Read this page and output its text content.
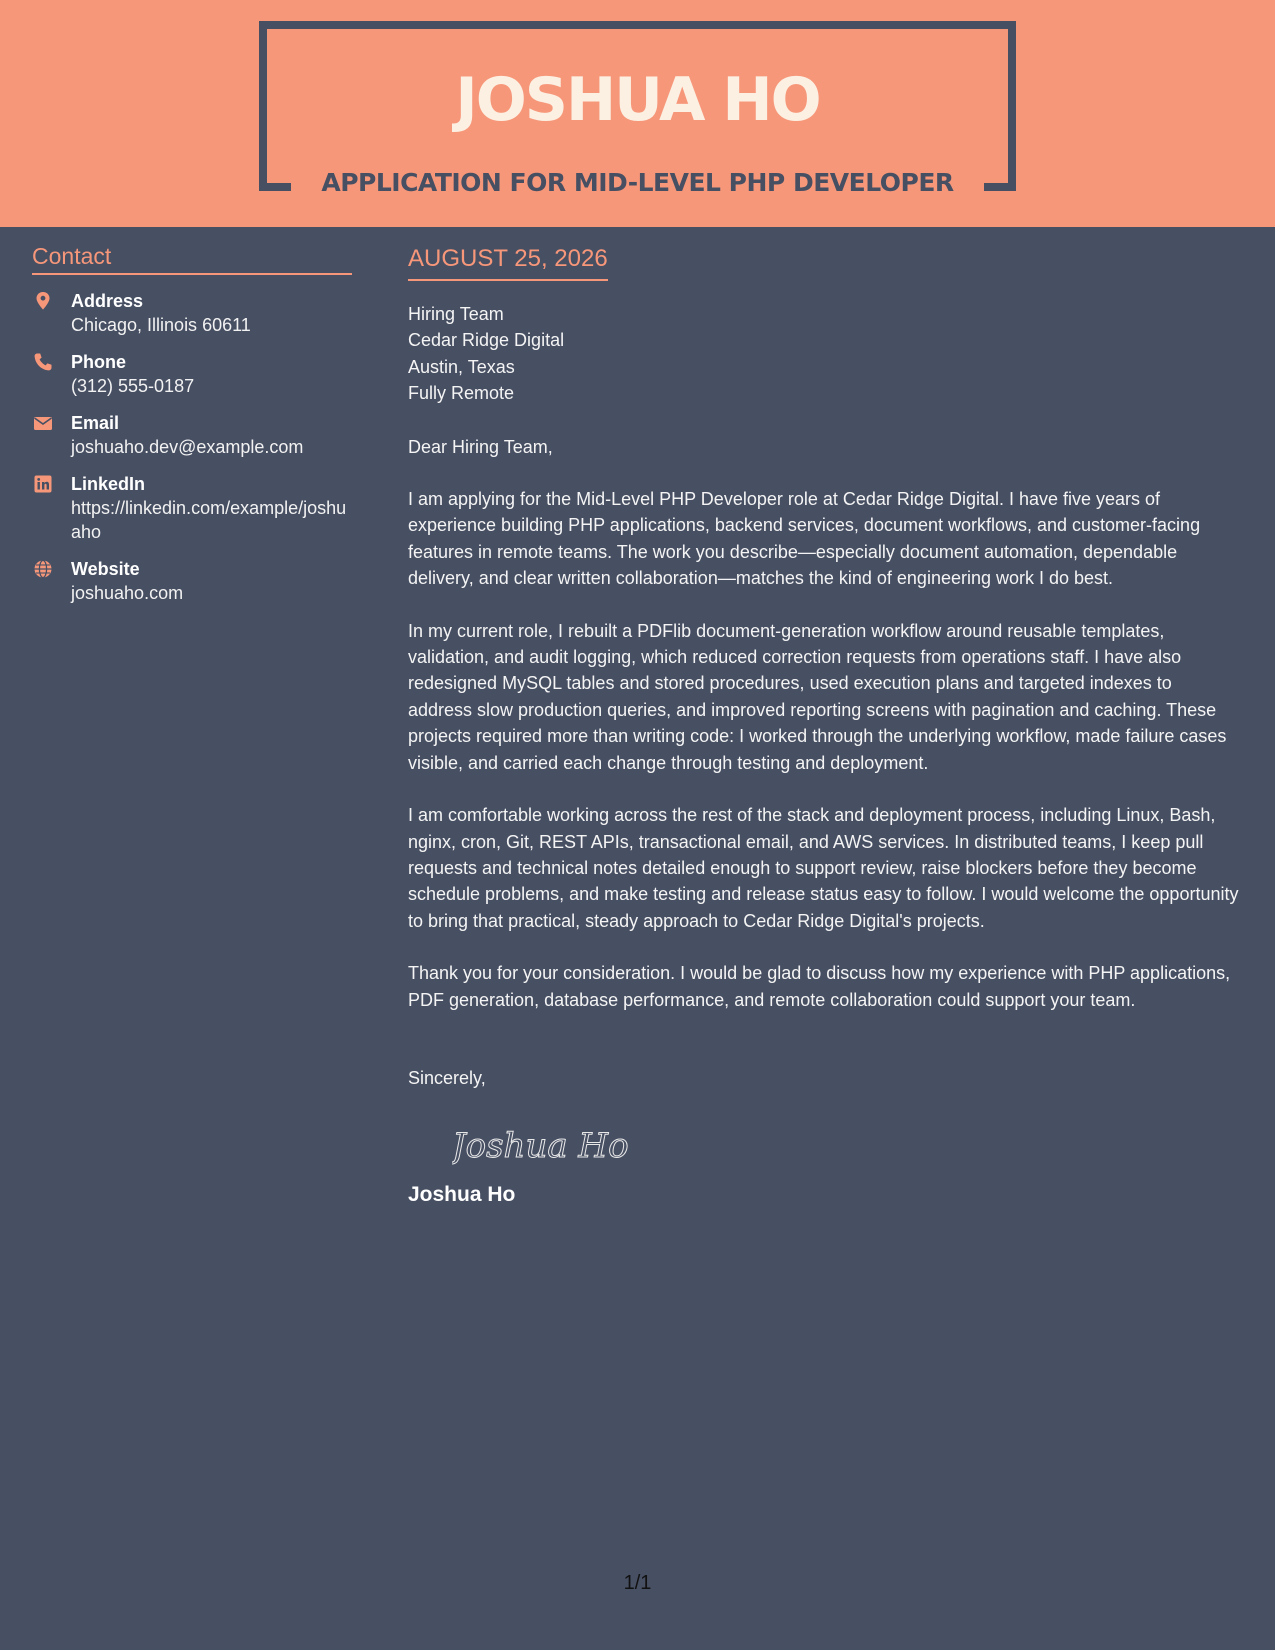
JOSHUA HO
APPLICATION FOR MID-LEVEL PHP DEVELOPER
Contact
Address
Chicago, Illinois 60611
Phone
(312) 555-0187
Email
joshuaho.dev@example.com
LinkedIn
https://linkedin.com/example/joshuaho
Website
joshuaho.com
AUGUST 25, 2026
Hiring Team
Cedar Ridge Digital
Austin, Texas
Fully Remote
Dear Hiring Team,
I am applying for the Mid-Level PHP Developer role at Cedar Ridge Digital. I have five years of experience building PHP applications, backend services, document workflows, and customer-facing features in remote teams. The work you describe—especially document automation, dependable delivery, and clear written collaboration—matches the kind of engineering work I do best.
In my current role, I rebuilt a PDFlib document-generation workflow around reusable templates, validation, and audit logging, which reduced correction requests from operations staff. I have also redesigned MySQL tables and stored procedures, used execution plans and targeted indexes to address slow production queries, and improved reporting screens with pagination and caching. These projects required more than writing code: I worked through the underlying workflow, made failure cases visible, and carried each change through testing and deployment.
I am comfortable working across the rest of the stack and deployment process, including Linux, Bash, nginx, cron, Git, REST APIs, transactional email, and AWS services. In distributed teams, I keep pull requests and technical notes detailed enough to support review, raise blockers before they become schedule problems, and make testing and release status easy to follow. I would welcome the opportunity to bring that practical, steady approach to Cedar Ridge Digital's projects.
Thank you for your consideration. I would be glad to discuss how my experience with PHP applications, PDF generation, database performance, and remote collaboration could support your team.
Sincerely,
Joshua Ho
Joshua Ho
1/1
